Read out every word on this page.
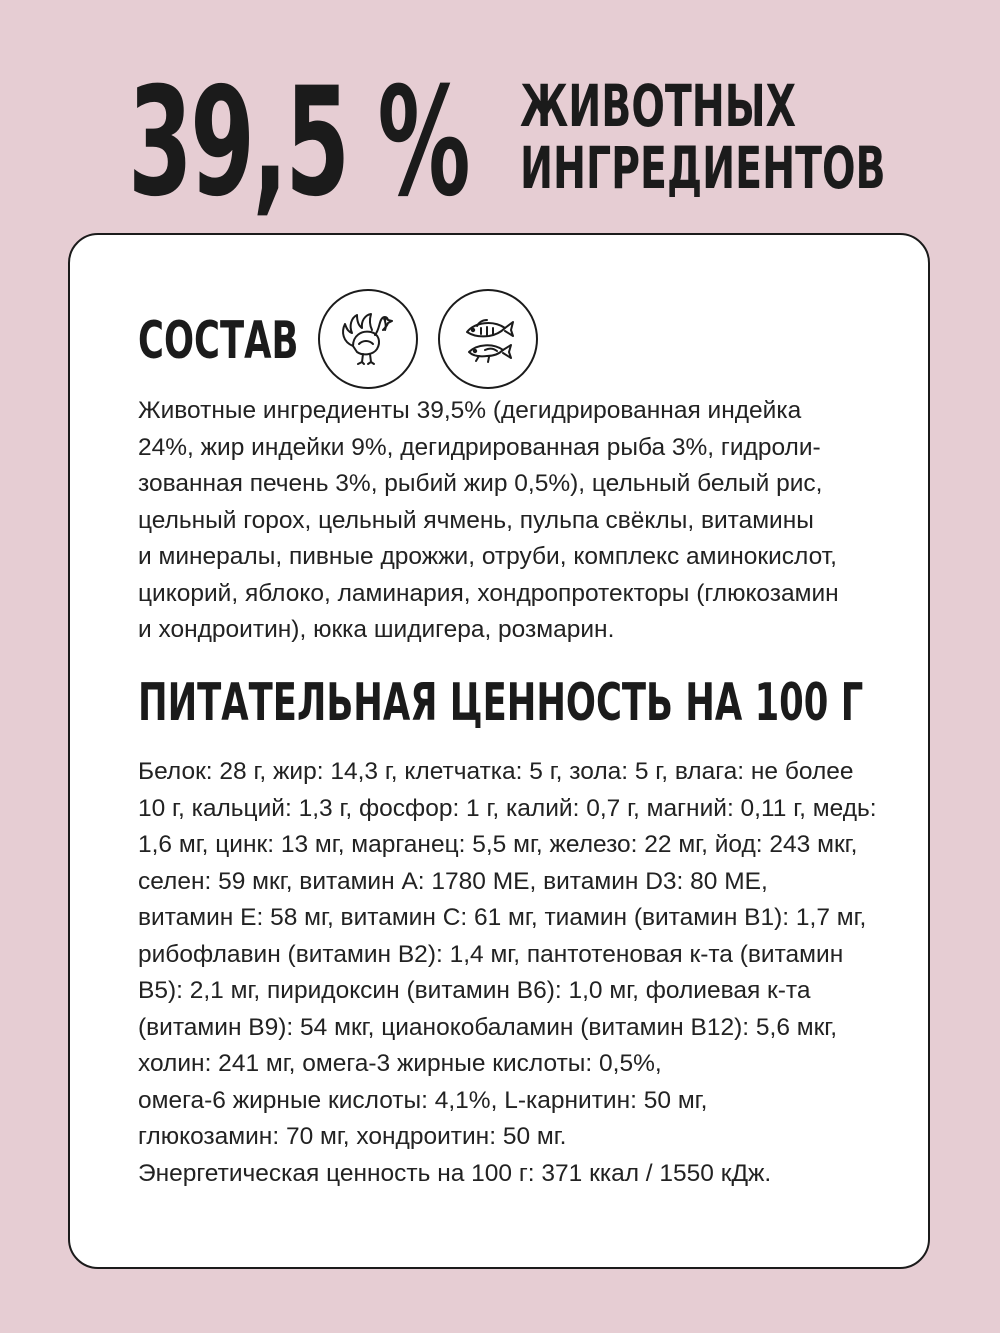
39,5 % ЖИВОТНЫХ
ИНГРЕДИЕНТОВ
СОСТАВ
Животные ингредиенты 39,5% (дегидрированная индейка
24%, жир индейки 9%, дегидрированная рыба 3%, гидроли-
зованная печень 3%, рыбий жир 0,5%), цельный белый рис,
цельный горох, цельный ячмень, пульпа свёклы, витамины
и минералы, пивные дрожжи, отруби, комплекс аминокислот,
цикорий, яблоко, ламинария, хондропротекторы (глюкозамин
и хондроитин), юкка шидигера, розмарин.
ПИТАТЕЛЬНАЯ ЦЕННОСТЬ НА 100 Г
Белок: 28 г, жир: 14,3 г, клетчатка: 5 г, зола: 5 г, влага: не более
10 г, кальций: 1,3 г, фосфор: 1 г, калий: 0,7 г, магний: 0,11 г, медь:
1,6 мг, цинк: 13 мг, марганец: 5,5 мг, железо: 22 мг, йод: 243 мкг,
селен: 59 мкг, витамин А: 1780 МЕ, витамин D3: 80 МЕ,
витамин Е: 58 мг, витамин С: 61 мг, тиамин (витамин В1): 1,7 мг,
рибофлавин (витамин В2): 1,4 мг, пантотеновая к-та (витамин
В5): 2,1 мг, пиридоксин (витамин В6): 1,0 мг, фолиевая к-та
(витамин В9): 54 мкг, цианокобаламин (витамин В12): 5,6 мкг,
холин: 241 мг, омега-3 жирные кислоты: 0,5%,
омега-6 жирные кислоты: 4,1%, L-карнитин: 50 мг,
глюкозамин: 70 мг, хондроитин: 50 мг.
Энергетическая ценность на 100 г: 371 ккал / 1550 кДж.
